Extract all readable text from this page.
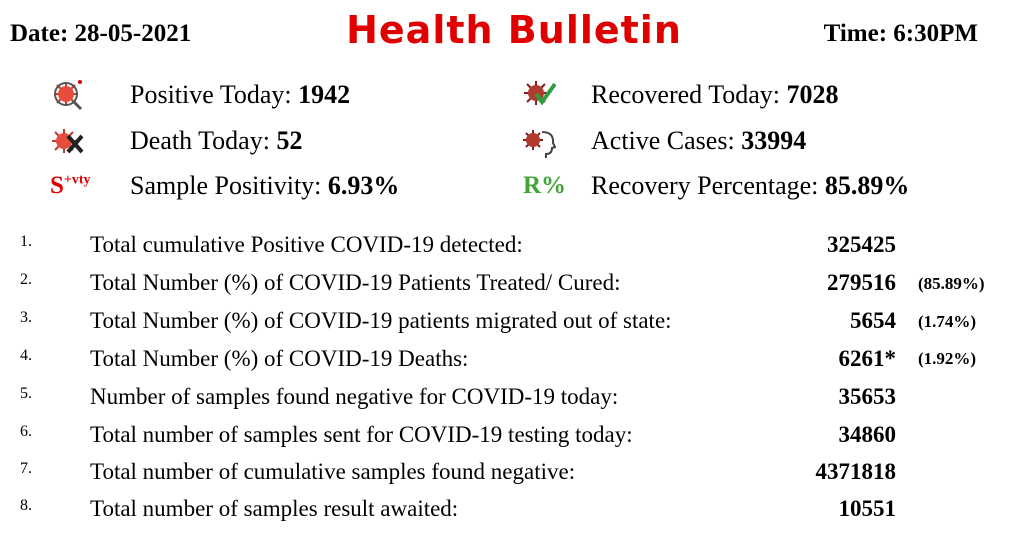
Date: 28-05-2021	Health Bulletin	Time: 6:30PM
$S^{+vty}$	R%
Positive Today: 1942
Death Today: 52
Sample Positivity: 6.93%
Recovered Today: 7028
Active Cases: 33994
Recovery Percentage: 85.89%
1.	Total cumulative Positive COVID-19 detected:	325425
2.	Total Number (%) of COVID-19 Patients Treated/ Cured:	279516 (85.89%)
3.	Total Number (%) of COVID-19 patients migrated out of state:	5654 (1.74%)
4.	Total Number (%) of COVID-19 Deaths:	6261* (1.92%)
5.	Number of samples found negative for COVID-19 today:	35653
6.	Total number of samples sent for COVID-19 testing today:	34860
7.	Total number of cumulative samples found negative:	4371818
8.	Total number of samples result awaited:	10551
